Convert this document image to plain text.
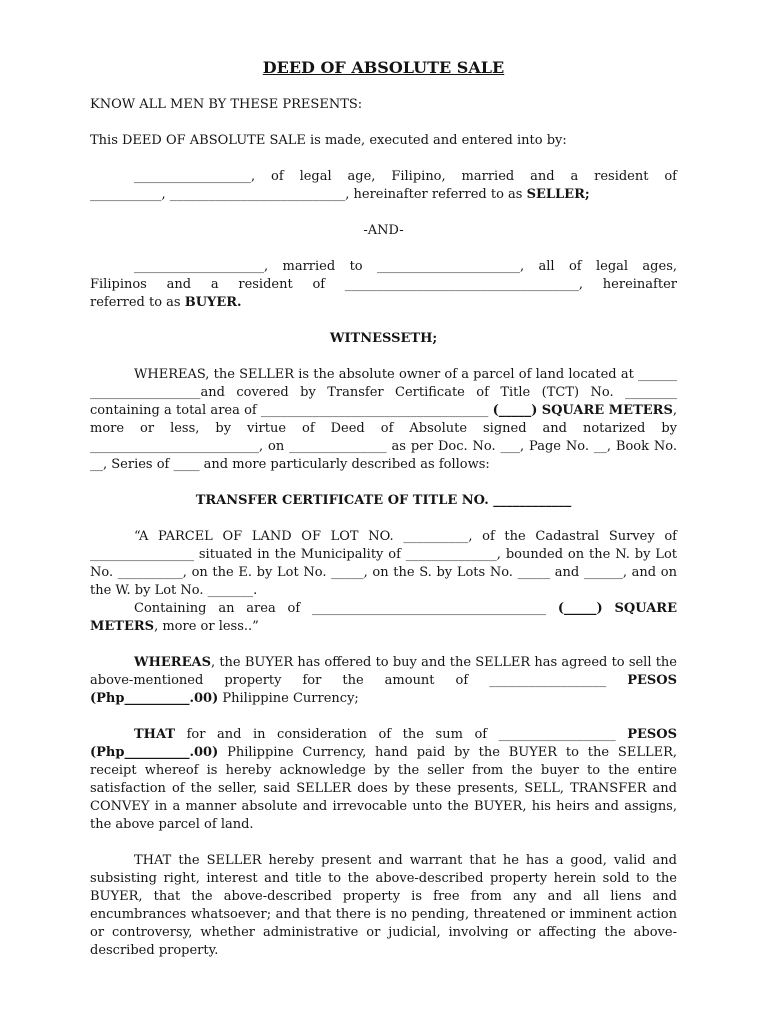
DEED OF ABSOLUTE SALE

KNOW ALL MEN BY THESE PRESENTS:

This DEED OF ABSOLUTE SALE is made, executed and entered into by:

__________________, of legal age, Filipino, married and a resident of

___________, ___________________________, hereinafter referred to as SELLER;

-AND-

____________________, married to ______________________, all of legal ages,

Filipinos and a resident of ____________________________________, hereinafter

referred to as BUYER.

WITNESSETH;

WHEREAS, the SELLER is the absolute owner of a parcel of land located at ______ _________________and covered by Transfer Certificate of Title (TCT) No. ________ containing a total area of ___________________________________ (_____) SQUARE METERS, more or less, by virtue of Deed of Absolute signed and notarized by __________________________, on _______________ as per Doc. No. ___, Page No. __, Book No. __, Series of ____ and more particularly described as follows:

TRANSFER CERTIFICATE OF TITLE NO. ____________

“A PARCEL OF LAND OF LOT NO. __________, of the Cadastral Survey of ________________ situated in the Municipality of ______________, bounded on the N. by Lot No. __________, on the E. by Lot No. _____, on the S. by Lots No. _____ and ______, and on the W. by Lot No. _______.

Containing an area of ____________________________________ (_____) SQUARE METERS, more or less..”

WHEREAS, the BUYER has offered to buy and the SELLER has agreed to sell the above-mentioned property for the amount of __________________ PESOS (Php__________.00) Philippine Currency;

THAT for and in consideration of the sum of __________________ PESOS (Php__________.00) Philippine Currency, hand paid by the BUYER to the SELLER, receipt whereof is hereby acknowledge by the seller from the buyer to the entire satisfaction of the seller, said SELLER does by these presents, SELL, TRANSFER and CONVEY in a manner absolute and irrevocable unto the BUYER, his heirs and assigns, the above parcel of land.

THAT the SELLER hereby present and warrant that he has a good, valid and subsisting right, interest and title to the above-described property herein sold to the BUYER, that the above-described property is free from any and all liens and encumbrances whatsoever; and that there is no pending, threatened or imminent action or controversy, whether administrative or judicial, involving or affecting the above-described property.
